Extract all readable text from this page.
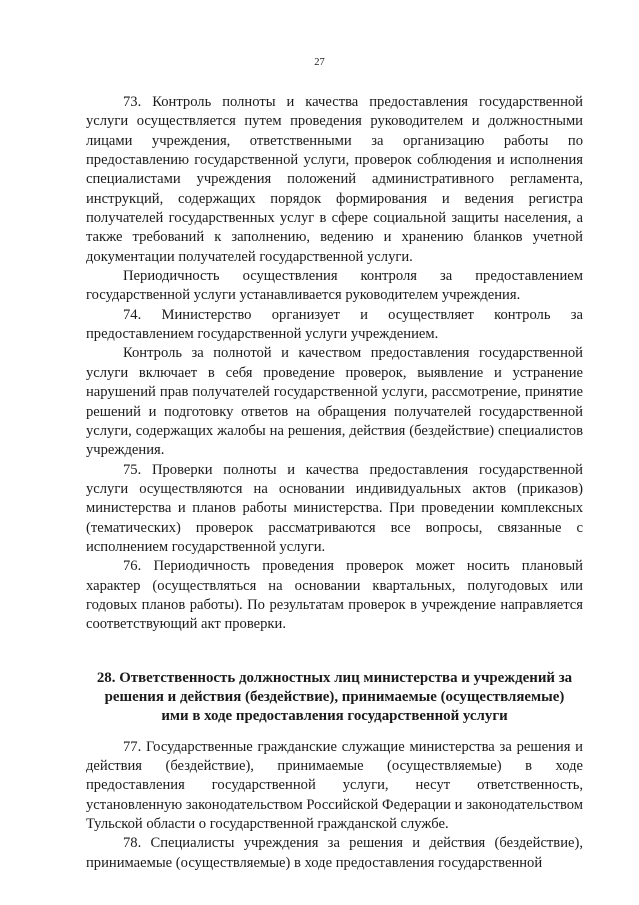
27

73. Контроль полноты и качества предоставления государственной услуги осуществляется путем проведения руководителем и должностными лицами учреждения, ответственными за организацию работы по предоставлению государственной услуги, проверок соблюдения и исполнения специалистами учреждения положений административного регламента, инструкций, содержащих порядок формирования и ведения регистра получателей государственных услуг в сфере социальной защиты населения, а также требований к заполнению, ведению и хранению бланков учетной документации получателей государственной услуги.

Периодичность осуществления контроля за предоставлением государственной услуги устанавливается руководителем учреждения.

74. Министерство организует и осуществляет контроль за предоставлением государственной услуги учреждением.

Контроль за полнотой и качеством предоставления государственной услуги включает в себя проведение проверок, выявление и устранение нарушений прав получателей государственной услуги, рассмотрение, принятие решений и подготовку ответов на обращения получателей государственной услуги, содержащих жалобы на решения, действия (бездействие) специалистов учреждения.

75. Проверки полноты и качества предоставления государственной услуги осуществляются на основании индивидуальных актов (приказов) министерства и планов работы министерства. При проведении комплексных (тематических) проверок рассматриваются все вопросы, связанные с исполнением государственной услуги.

76. Периодичность проведения проверок может носить плановый характер (осуществляться на основании квартальных, полугодовых или годовых планов работы). По результатам проверок в учреждение направляется соответствующий акт проверки.

28. Ответственность должностных лиц министерства и учреждений за
решения и действия (бездействие), принимаемые (осуществляемые)
ими в ходе предоставления государственной услуги

77. Государственные гражданские служащие министерства за решения и действия (бездействие), принимаемые (осуществляемые) в ходе предоставления государственной услуги, несут ответственность, установленную законодательством Российской Федерации и законодательством Тульской области о государственной гражданской службе.

78. Специалисты учреждения за решения и действия (бездействие), принимаемые (осуществляемые) в ходе предоставления государственной
